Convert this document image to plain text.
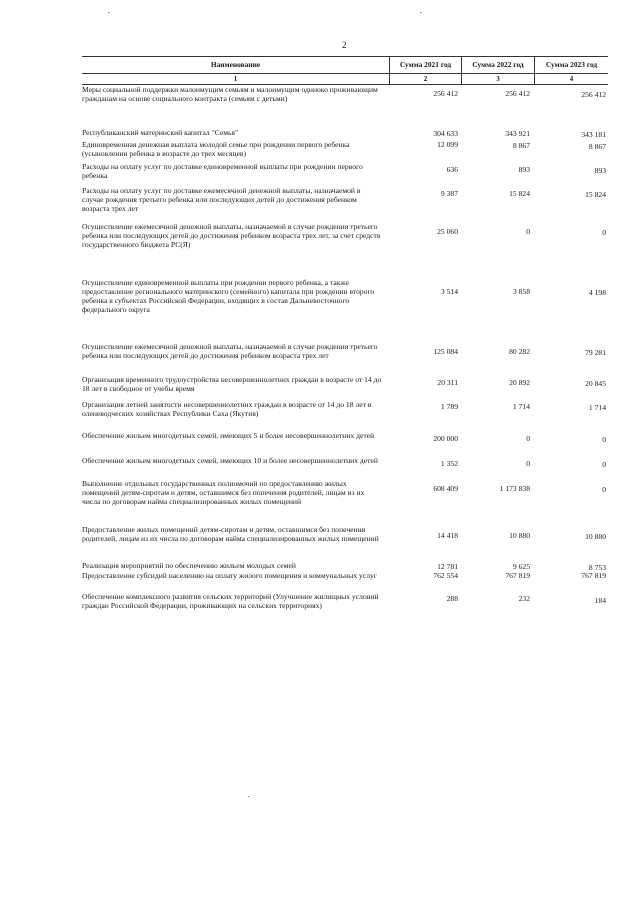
2
Наименование	Сумма 2021 год	Сумма 2022 год	Сумма 2023 год
1	2	3	4
Меры социальной поддержки малоимущим семьям и малоимущим одиноко проживающим гражданам на основе социального контракта (семьям с детьми)
256 412	256 412	256 412
Республиканский материнский капитал "Семья"	304 633	343 921	343 181
Единовременная денежная выплата молодой семье при рождении первого ребенка (усыновлении ребенка в возрасте до трех месяцев)
12 099	8 867	8 867
Расходы на оплату услуг по доставке единовременной выплаты при рождении первого ребенка
636	893	893
Расходы на оплату услуг по доставке ежемесячной денежной выплаты, назначаемой в случае рождения третьего ребенка или последующих детей до достижения ребенком возраста трех лет
9 387	15 824	15 824
Осуществление ежемесячной денежной выплаты, назначаемой в случае рождения третьего ребенка или последующих детей до достижения ребенком возраста трех лет, за счет средств государственного бюджета РС(Я)
25 060	0	0
Осуществление единовременной выплаты при рождении первого ребенка, а также предоставление регионального материнского (семейного) капитала при рождении второго ребенка в субъектах Российской Федерации, входящих в состав Дальневосточного федерального округа
3 514	3 858	4 198
Осуществление ежемесячной денежной выплаты, назначаемой в случае рождения третьего ребенка или последующих детей до достижения ребенком возраста трех лет	125 084	80 282	79 281
Организация временного трудоустройства несовершеннолетних граждан в возрасте от 14 до 18 лет в свободное от учебы время
20 311	20 892	20 845
Организация летней занятости несовершеннолетних граждан в возрасте от 14 до 18 лет в оленеводческих хозяйствах Республики Саха (Якутия)
1 789	1 714	1 714
Обеспечение жильем многодетных семей, имеющих 5 и более несовершеннолетних детей	200 000	0	0
Обеспечение жильем многодетных семей, имеющих 10 и более несовершеннолетних детей	1 352	0	0
Выполнение отдельных государственных полномочий по предоставлению жилых помещений детям-сиротам и детям, оставшимся без попечения родителей, лицам из их числа по договорам найма специализированных жилых помещений
608 409	1 173 838	0
Предоставление жилых помещений детям-сиротам и детям, оставшимся без попечения родителей, лицам из их числа по договорам найма специализированных жилых помещений	14 418	10 880	10 880
Реализация мероприятий по обеспечению жильем молодых семей	12 781	9 625	8 753
Предоставление субсидий населению на оплату жилого помещения и коммунальных услуг	762 554	767 819	767 819
Обеспечение комплексного развития сельских территорий (Улучшение жилищных условий граждан Российской Федерации, проживающих на сельских территориях)
288	232	184
